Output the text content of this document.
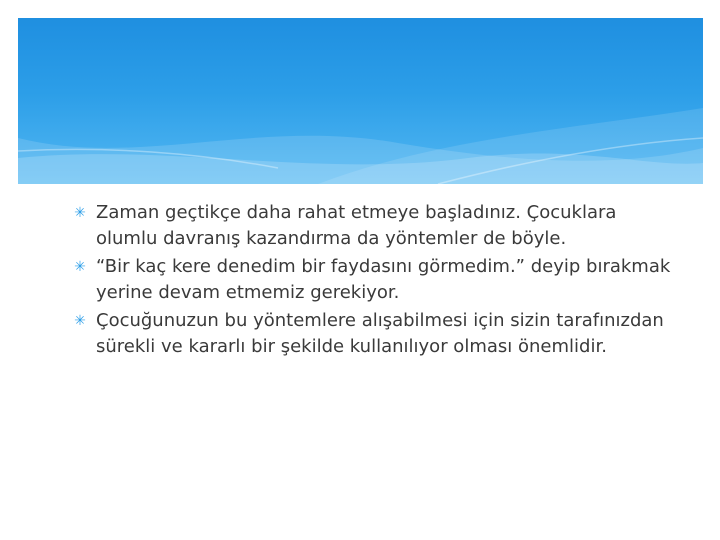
✳ Zaman geçtikçe daha rahat etmeye başladınız. Çocuklara olumlu davranış kazandırma da yöntemler de böyle.
✳ “Bir kaç kere denedim bir faydasını görmedim.” deyip bırakmak yerine devam etmemiz gerekiyor.
✳ Çocuğunuzun bu yöntemlere alışabilmesi için sizin tarafınızdan sürekli ve kararlı bir şekilde kullanılıyor olması önemlidir.
